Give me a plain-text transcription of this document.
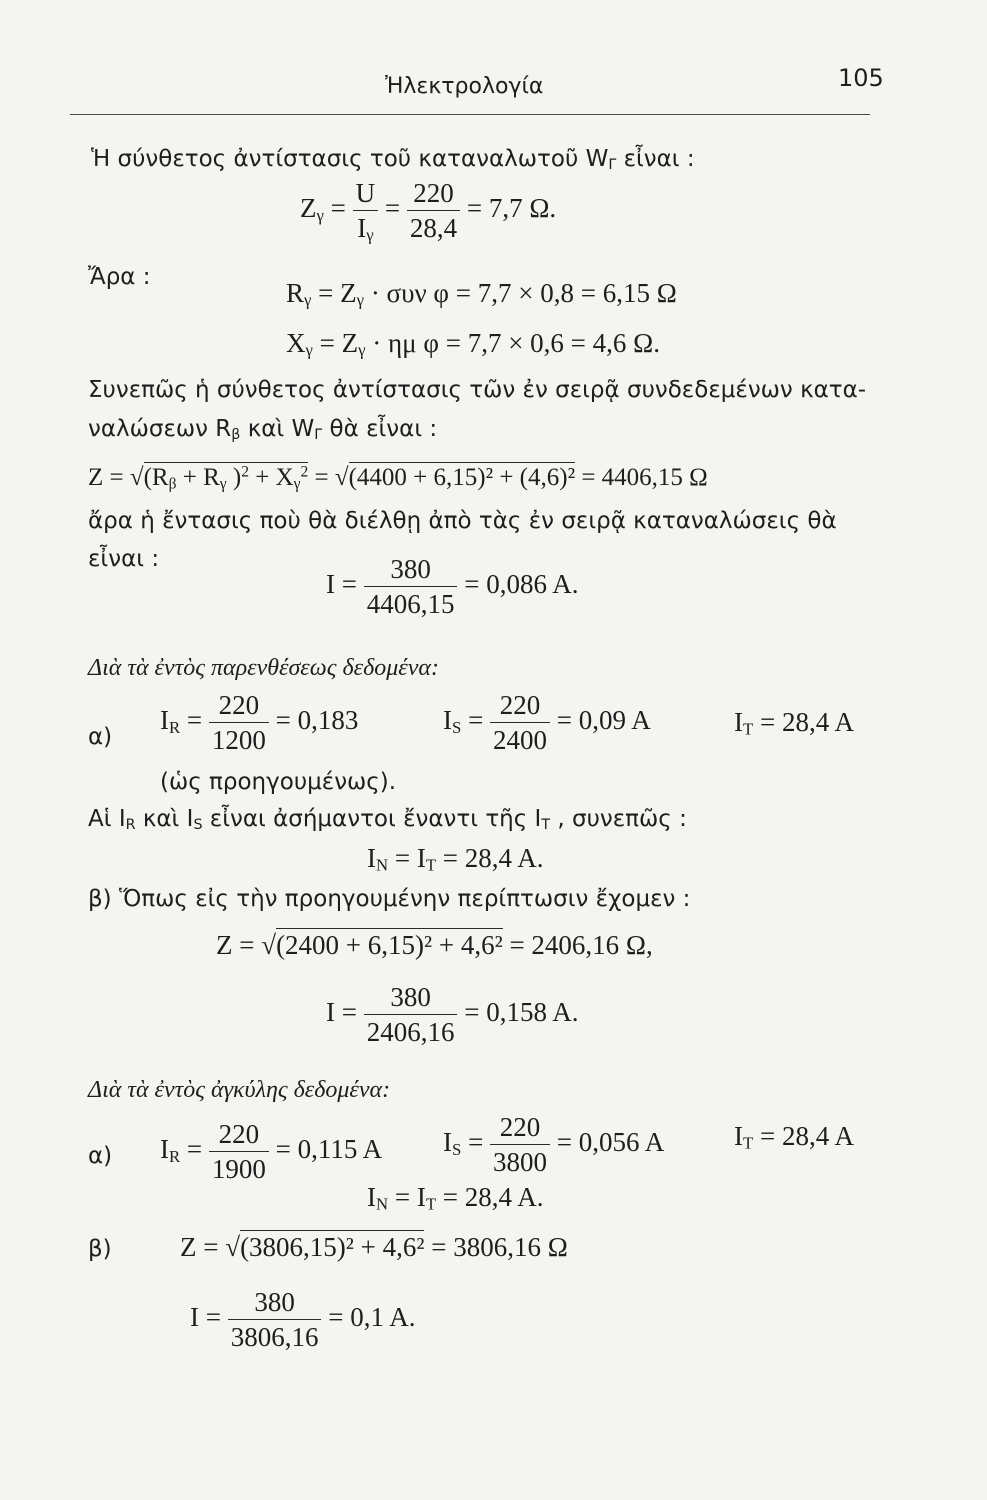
Ἠλεκτρολογία	105
Ἡ σύνθετος ἀντίστασις τοῦ καταναλωτοῦ $W_\Gamma$ εἶναι :
$Z_\gamma = \frac{U}{I_\gamma} = \frac{220}{28,4} = 7,7$ Ω.
Ἄρα :
$R_\gamma = Z_\gamma \cdot \sigma\upsilon\nu$ φ = 7,7 × 0,8 = 6,15 Ω
$X_\gamma = Z_\gamma \cdot \eta\mu$ φ = 7,7 × 0,6 = 4,6 Ω.
Συνεπῶς ἡ σύνθετος ἀντίστασις τῶν ἐν σειρᾷ συνδεδεμένων κατα-
ναλώσεων $R_\beta$ καὶ $W_\Gamma$ θὰ εἶναι :
$Z = √(R_\beta + R_\gamma$ )$^2 + X_\gamma^2 = √(4400 + 6,15)^2 + (4,6)^2 = 4406,15$ Ω
ἄρα ἡ ἔντασις ποὺ θὰ διέλθῃ ἀπὸ τὰς ἐν σειρᾷ καταναλώσεις θὰ
εἶναι :
$I = \frac{380}{4406,15} = 0,086$ A.
Διὰ τὰ ἐντὸς παρενθέσεως δεδομένα:
α)
$I_R = \frac{220}{1200} = 0,183$	$I_S = \frac{220}{2400} = 0,09$ A	$I_T = 28,4$ A
(ὡς προηγουμένως).
Αἱ $I_R$ καὶ $I_S$ εἶναι ἀσήμαντοι ἔναντι τῆς $I_T$ , συνεπῶς :
$I_N = I_T = 28,4$ A.
β) Ὅπως εἰς τὴν προηγουμένην περίπτωσιν ἔχομεν :
Z = √(2400 + 6,15)² + 4,6² = 2406,16 Ω,
$I = \frac{380}{2406,16} = 0,158$ A.
Διὰ τὰ ἐντὸς ἀγκύλης δεδομένα:
α) $I_R = \frac{220}{1900} = 0,115$ A $I_S = \frac{220}{3800} = 0,056$ A	$I_T = 28,4$ A
$I_N = I_T = 28,4$ A.
β)	Z = √(3806,15)² + 4,6² = 3806,16 Ω
$I = \frac{380}{3806,16} = 0,1$ A.
